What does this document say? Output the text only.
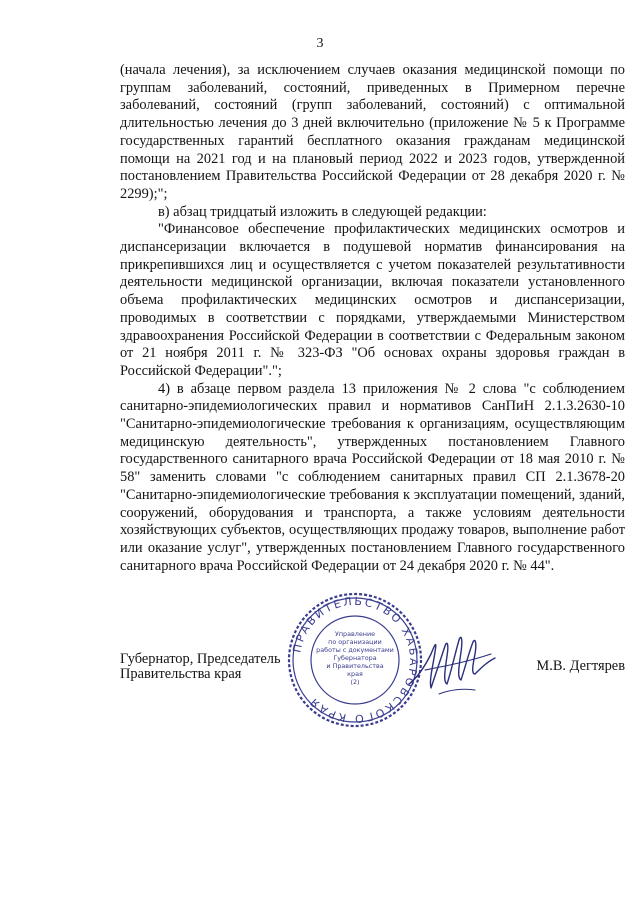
3

(начала лечения), за исключением случаев оказания медицинской помощи по группам заболеваний, состояний, приведенных в Примерном перечне заболеваний, состояний (групп заболеваний, состояний) с оптимальной длительностью лечения до 3 дней включительно (приложение № 5 к Программе государственных гарантий бесплатного оказания гражданам медицинской помощи на 2021 год и на плановый период 2022 и 2023 годов, утвержденной постановлением Правительства Российской Федерации от 28 декабря 2020 г. № 2299);";

в) абзац тридцатый изложить в следующей редакции:

"Финансовое обеспечение профилактических медицинских осмотров и диспансеризации включается в подушевой норматив финансирования на прикрепившихся лиц и осуществляется с учетом показателей результативности деятельности медицинской организации, включая показатели установленного объема профилактических медицинских осмотров и диспансеризации, проводимых в соответствии с порядками, утверждаемыми Министерством здравоохранения Российской Федерации в соответствии с Федеральным законом от 21 ноября 2011 г. № 323-ФЗ "Об основах охраны здоровья граждан в Российской Федерации".";

4) в абзаце первом раздела 13 приложения № 2 слова "с соблюдением санитарно-эпидемиологических правил и нормативов СанПиН 2.1.3.2630-10 "Санитарно-эпидемиологические требования к организациям, осуществляющим медицинскую деятельность", утвержденных постановлением Главного государственного санитарного врача Российской Федерации от 18 мая 2010 г. № 58" заменить словами "с соблюдением санитарных правил СП 2.1.3678-20 "Санитарно-эпидемиологические требования к эксплуатации помещений, зданий, сооружений, оборудования и транспорта, а также условиям деятельности хозяйствующих субъектов, осуществляющих продажу товаров, выполнение работ или оказание услуг", утвержденных постановлением Главного государственного санитарного врача Российской Федерации от 24 декабря 2020 г. № 44".

Губернатор, Председатель
Правительства края	М.В. Дегтярев
ПРАВИТЕЛЬСТВО ХАБАРОВСКОГО КРАЯ
Управление
по организации
работы с документами
Губернатора
и Правительства
края
(2)
